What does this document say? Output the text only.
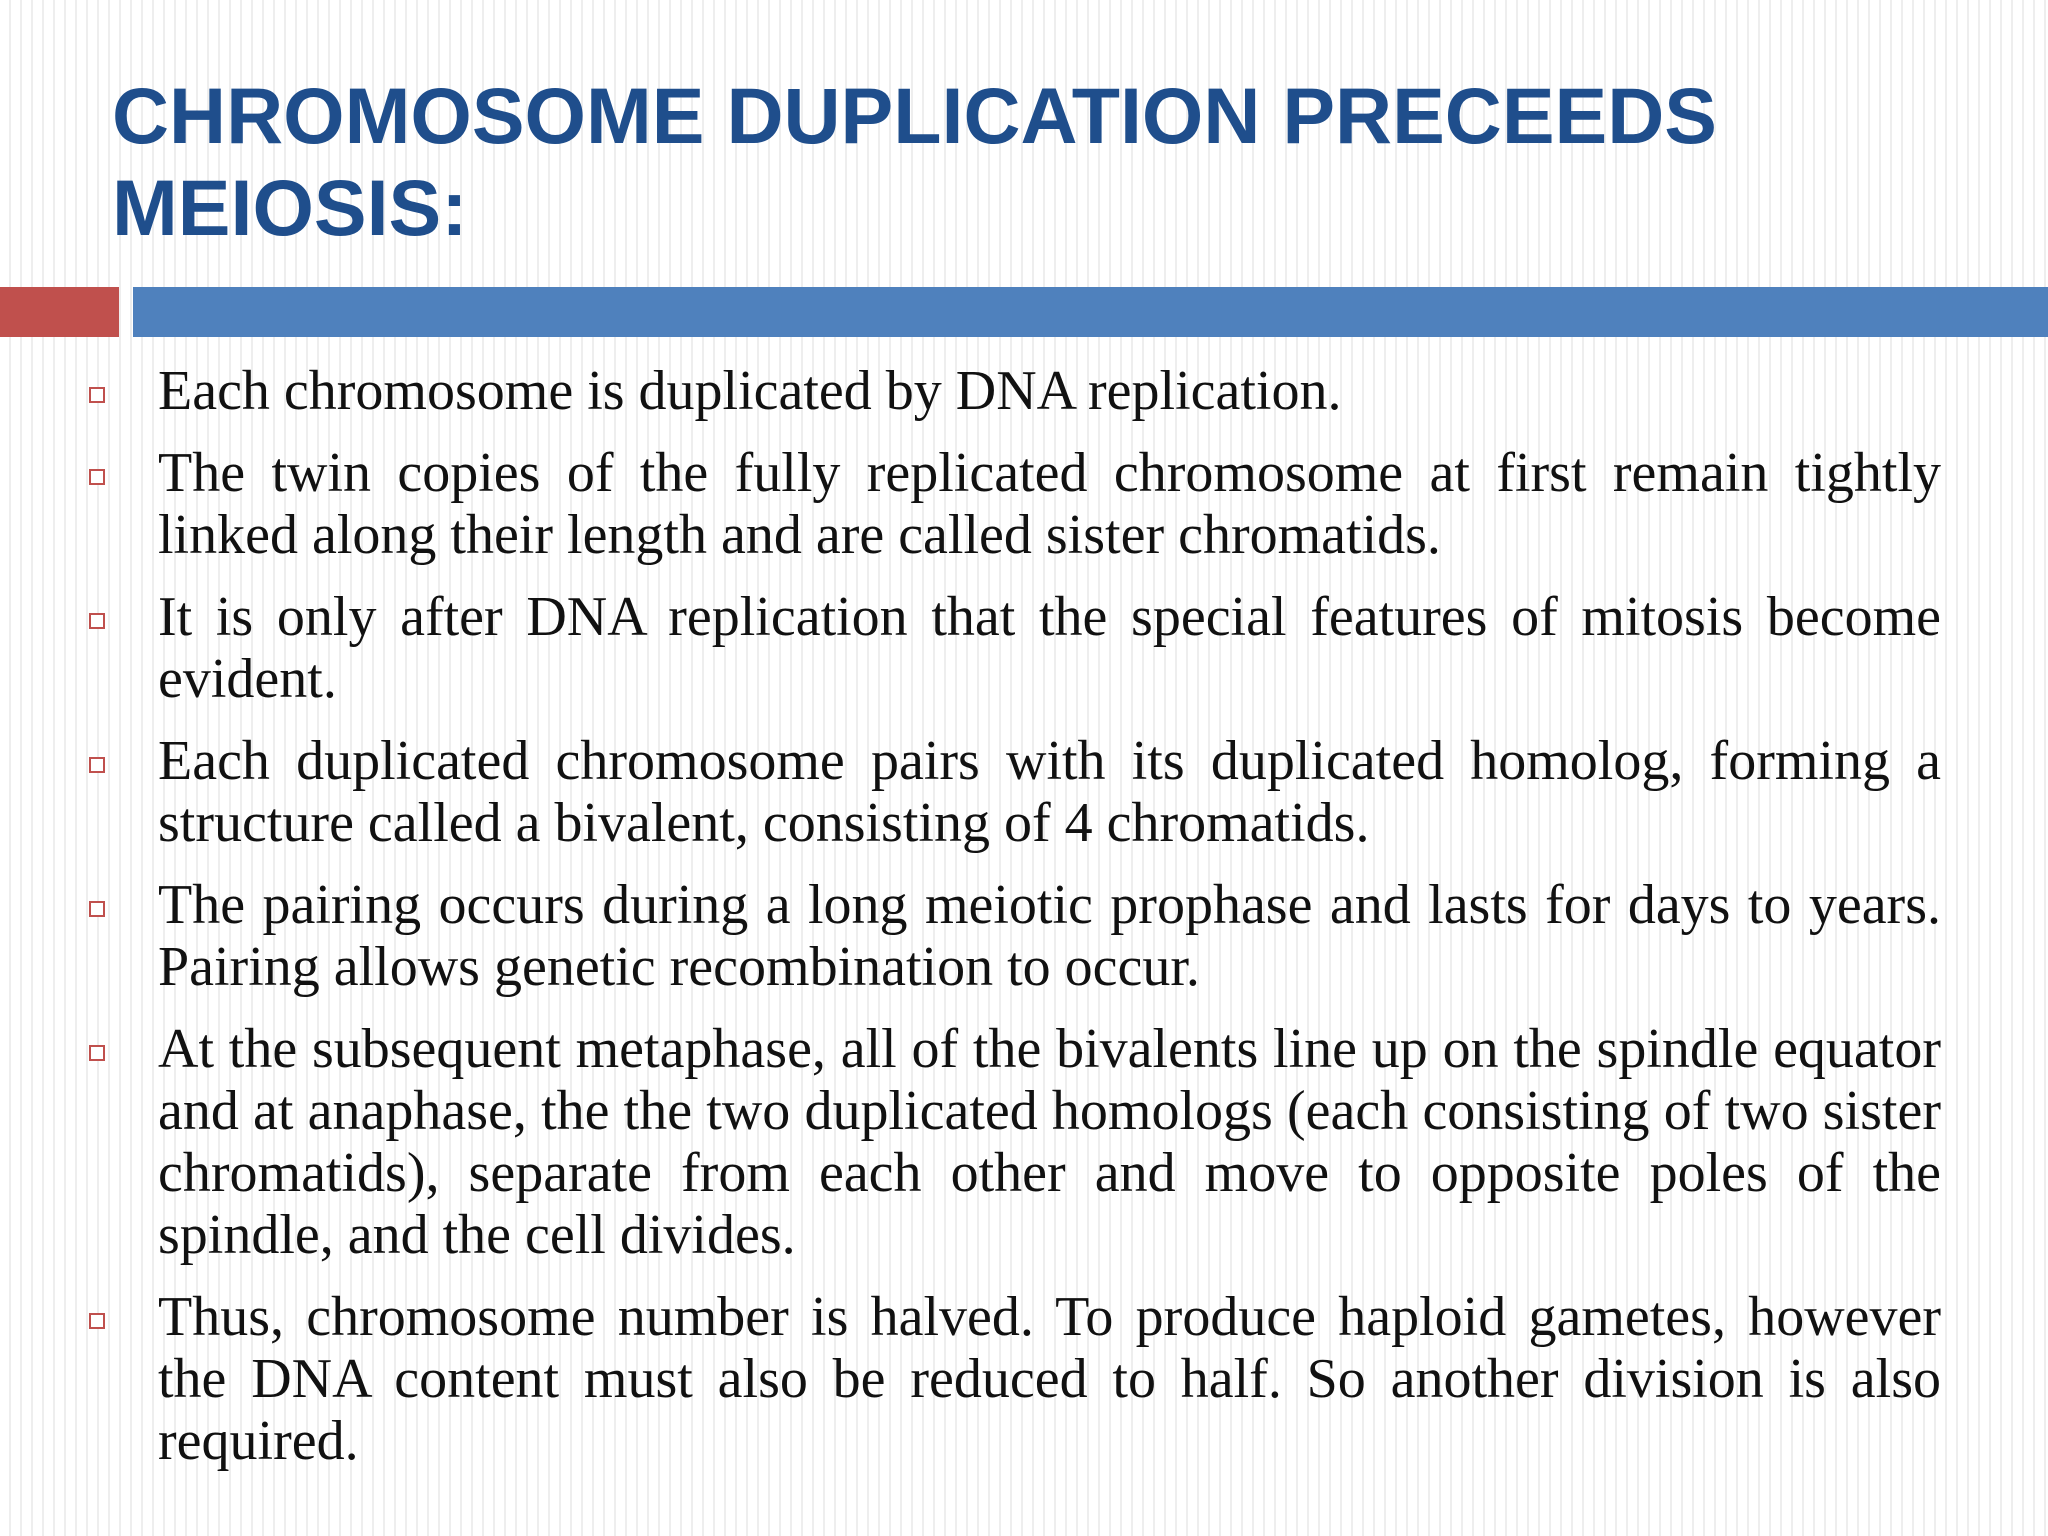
CHROMOSOME DUPLICATION PRECEEDS MEIOSIS:
Each chromosome is duplicated by DNA replication.
The twin copies of the fully replicated chromosome at first remain tightly linked along their length and are called sister chromatids.
It is only after DNA replication that the special features of mitosis become evident.
Each duplicated chromosome pairs with its duplicated homolog, forming a structure called a bivalent, consisting of 4 chromatids.
The pairing occurs during a long meiotic prophase and lasts for days to years. Pairing allows genetic recombination to occur.
At the subsequent metaphase, all of the bivalents line up on the spindle equator and at anaphase, the the two duplicated homologs (each consisting of two sister chromatids), separate from each other and move to opposite poles of the spindle, and the cell divides.
Thus, chromosome number is halved. To produce haploid gametes, however the DNA content must also be reduced to half. So another division is also required.
